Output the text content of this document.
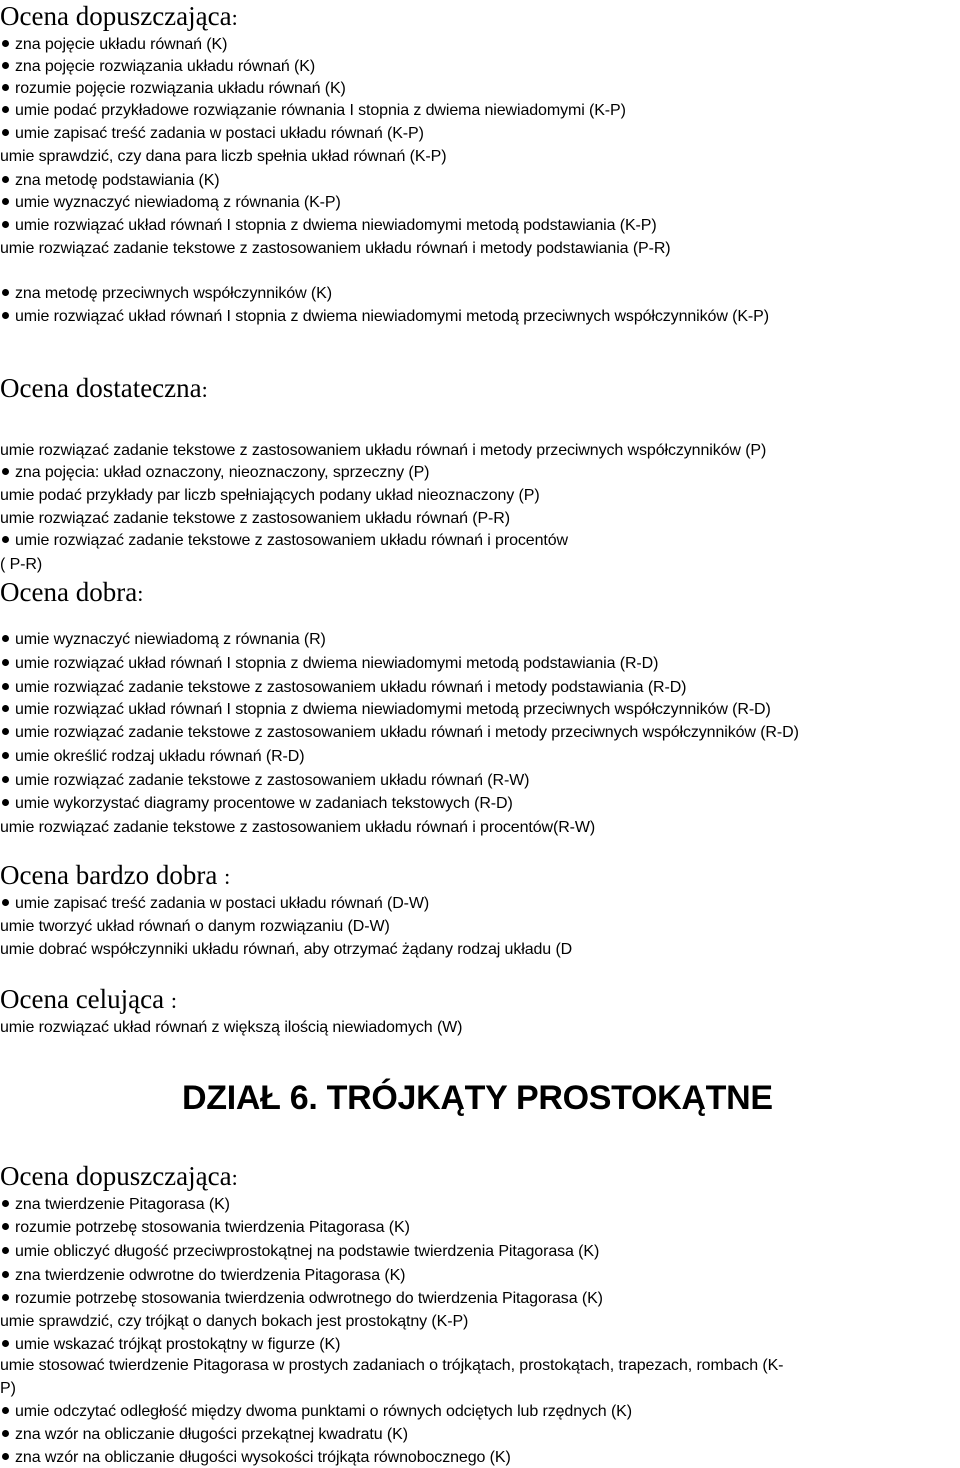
Ocena dopuszczająca:
zna pojęcie układu równań (K)
zna pojęcie rozwiązania układu równań (K)
rozumie pojęcie rozwiązania układu równań (K)
umie podać przykładowe rozwiązanie równania I stopnia z dwiema niewiadomymi (K-P)
umie zapisać treść zadania w postaci układu równań (K-P)
umie sprawdzić, czy dana para liczb spełnia układ równań (K-P)
zna metodę podstawiania (K)
umie wyznaczyć niewiadomą z równania (K-P)
umie rozwiązać układ równań I stopnia z dwiema niewiadomymi metodą podstawiania (K-P)
umie rozwiązać zadanie tekstowe z zastosowaniem układu równań i metody podstawiania (P-R)
zna metodę przeciwnych współczynników (K)
umie rozwiązać układ równań I stopnia z dwiema niewiadomymi metodą przeciwnych współczynników (K-P)
Ocena dostateczna:
umie rozwiązać zadanie tekstowe z zastosowaniem układu równań i metody przeciwnych współczynników (P)
zna pojęcia: układ oznaczony, nieoznaczony, sprzeczny (P)
umie podać przykłady par liczb spełniających podany układ nieoznaczony (P)
umie rozwiązać zadanie tekstowe z zastosowaniem układu równań (P-R)
umie rozwiązać zadanie tekstowe z zastosowaniem układu równań i procentów
( P-R)
Ocena dobra:
umie wyznaczyć niewiadomą z równania (R)
umie rozwiązać układ równań I stopnia z dwiema niewiadomymi metodą podstawiania (R-D)
umie rozwiązać zadanie tekstowe z zastosowaniem układu równań i metody podstawiania (R-D)
umie rozwiązać układ równań I stopnia z dwiema niewiadomymi metodą przeciwnych współczynników (R-D)
umie rozwiązać zadanie tekstowe z zastosowaniem układu równań i metody przeciwnych współczynników (R-D)
umie określić rodzaj układu równań (R-D)
umie rozwiązać zadanie tekstowe z zastosowaniem układu równań (R-W)
umie wykorzystać diagramy procentowe w zadaniach tekstowych (R-D)
umie rozwiązać zadanie tekstowe z zastosowaniem układu równań i procentów(R-W)
Ocena bardzo dobra :
umie zapisać treść zadania w postaci układu równań (D-W)
umie tworzyć układ równań o danym rozwiązaniu (D-W)
umie dobrać współczynniki układu równań, aby otrzymać żądany rodzaj układu (D
Ocena celująca :
umie rozwiązać układ równań z większą ilością niewiadomych (W)
DZIAŁ 6. TRÓJKĄTY PROSTOKĄTNE
Ocena dopuszczająca:
zna twierdzenie Pitagorasa (K)
rozumie potrzebę stosowania twierdzenia Pitagorasa (K)
umie obliczyć długość przeciwprostokątnej na podstawie twierdzenia Pitagorasa (K)
zna twierdzenie odwrotne do twierdzenia Pitagorasa (K)
rozumie potrzebę stosowania twierdzenia odwrotnego do twierdzenia Pitagorasa (K)
umie sprawdzić, czy trójkąt o danych bokach jest prostokątny (K-P)
umie wskazać trójkąt prostokątny w figurze (K)
umie stosować twierdzenie Pitagorasa w prostych zadaniach o trójkątach, prostokątach, trapezach, rombach (K-
P)
umie odczytać odległość między dwoma punktami o równych odciętych lub rzędnych (K)
zna wzór na obliczanie długości przekątnej kwadratu (K)
zna wzór na obliczanie długości wysokości trójkąta równobocznego (K)
